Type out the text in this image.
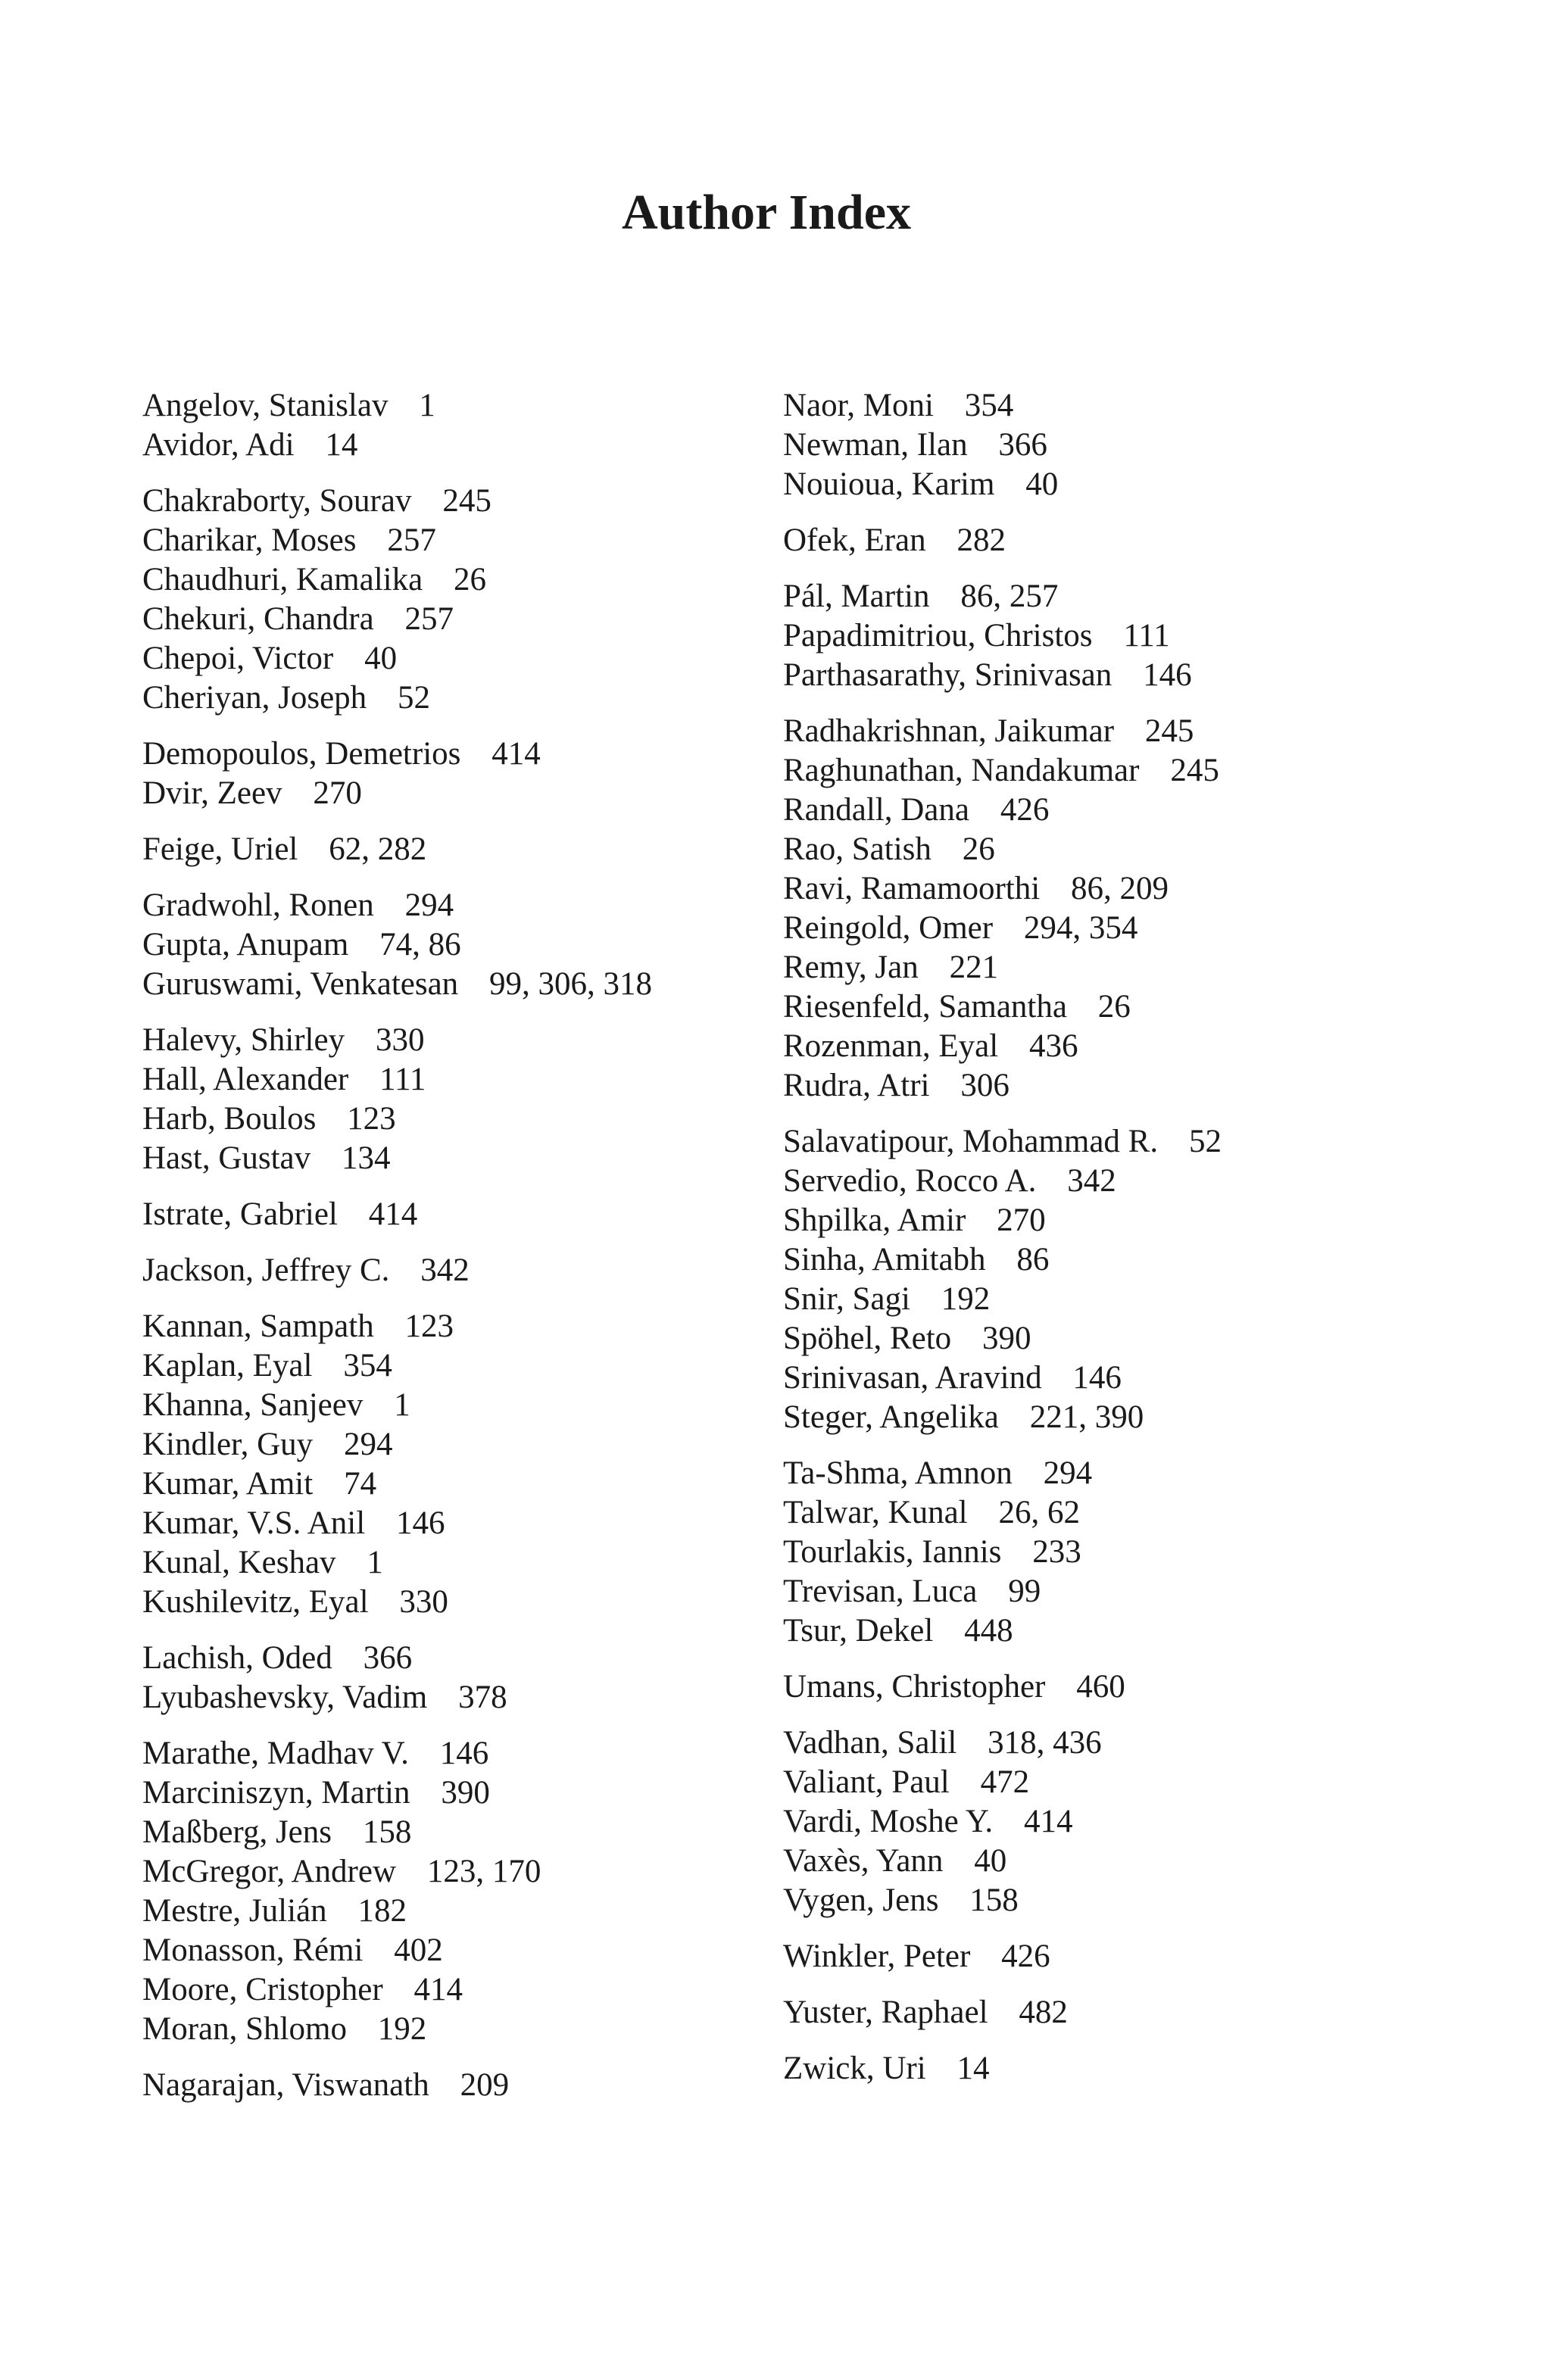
Author Index
Angelov, Stanislav 1
Avidor, Adi 14
Chakraborty, Sourav 245
Charikar, Moses 257
Chaudhuri, Kamalika 26
Chekuri, Chandra 257
Chepoi, Victor 40
Cheriyan, Joseph 52
Demopoulos, Demetrios 414
Dvir, Zeev 270
Feige, Uriel 62, 282
Gradwohl, Ronen 294
Gupta, Anupam 74, 86
Guruswami, Venkatesan 99, 306, 318
Halevy, Shirley 330
Hall, Alexander 111
Harb, Boulos 123
Hast, Gustav 134
Istrate, Gabriel 414
Jackson, Jeffrey C. 342
Kannan, Sampath 123
Kaplan, Eyal 354
Khanna, Sanjeev 1
Kindler, Guy 294
Kumar, Amit 74
Kumar, V.S. Anil 146
Kunal, Keshav 1
Kushilevitz, Eyal 330
Lachish, Oded 366
Lyubashevsky, Vadim 378
Marathe, Madhav V. 146
Marciniszyn, Martin 390
Maßberg, Jens 158
McGregor, Andrew 123, 170
Mestre, Julián 182
Monasson, Rémi 402
Moore, Cristopher 414
Moran, Shlomo 192
Nagarajan, Viswanath 209
Naor, Moni 354
Newman, Ilan 366
Nouioua, Karim 40
Ofek, Eran 282
Pál, Martin 86, 257
Papadimitriou, Christos 111
Parthasarathy, Srinivasan 146
Radhakrishnan, Jaikumar 245
Raghunathan, Nandakumar 245
Randall, Dana 426
Rao, Satish 26
Ravi, Ramamoorthi 86, 209
Reingold, Omer 294, 354
Remy, Jan 221
Riesenfeld, Samantha 26
Rozenman, Eyal 436
Rudra, Atri 306
Salavatipour, Mohammad R. 52
Servedio, Rocco A. 342
Shpilka, Amir 270
Sinha, Amitabh 86
Snir, Sagi 192
Spöhel, Reto 390
Srinivasan, Aravind 146
Steger, Angelika 221, 390
Ta-Shma, Amnon 294
Talwar, Kunal 26, 62
Tourlakis, Iannis 233
Trevisan, Luca 99
Tsur, Dekel 448
Umans, Christopher 460
Vadhan, Salil 318, 436
Valiant, Paul 472
Vardi, Moshe Y. 414
Vaxès, Yann 40
Vygen, Jens 158
Winkler, Peter 426
Yuster, Raphael 482
Zwick, Uri 14
